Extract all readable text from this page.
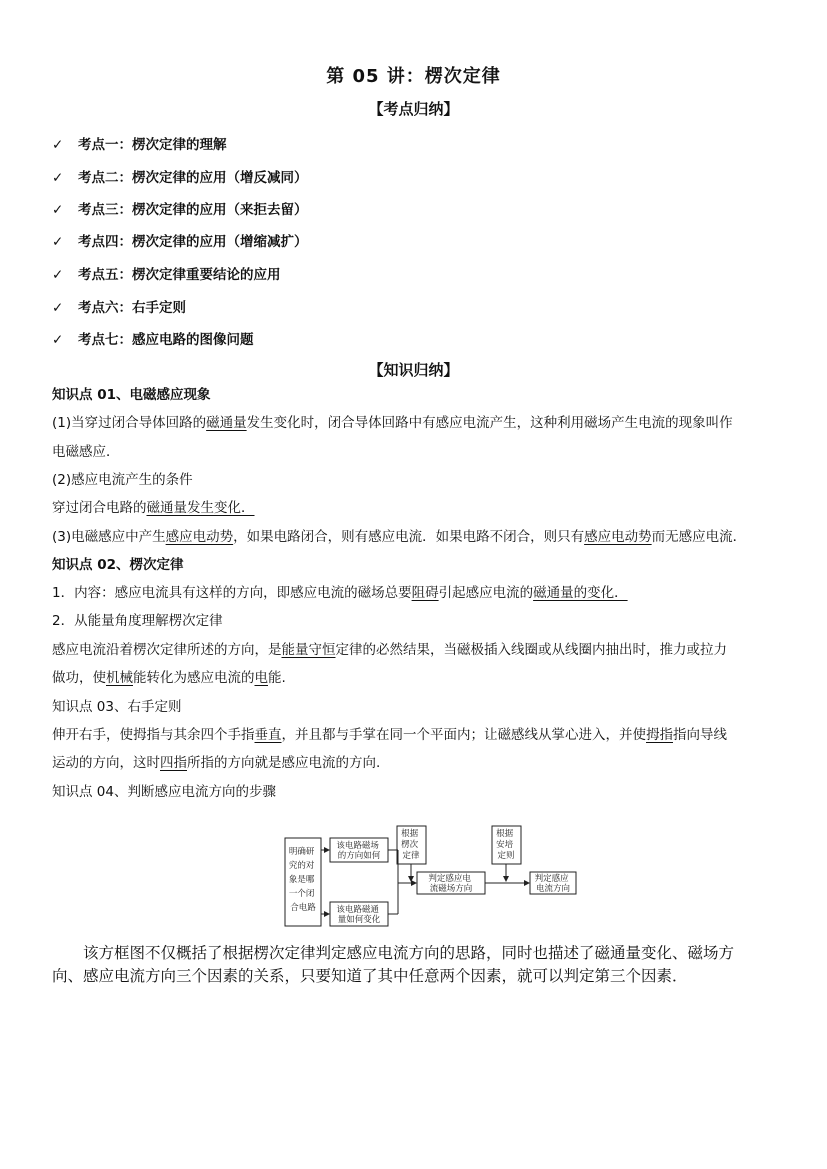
第 05 讲：楞次定律
【考点归纳】
✓ 考点一：楞次定律的理解
✓ 考点二：楞次定律的应用（增反减同）
✓ 考点三：楞次定律的应用（来拒去留）
✓ 考点四：楞次定律的应用（增缩减扩）
✓ 考点五：楞次定律重要结论的应用
✓ 考点六：右手定则
✓ 考点七：感应电路的图像问题
【知识归纳】
知识点 01、电磁感应现象
(1)当穿过闭合导体回路的磁通量发生变化时，闭合导体回路中有感应电流产生，这种利用磁场产生电流的现象叫作
电磁感应．
(2)感应电流产生的条件
穿过闭合电路的磁通量发生变化．
(3)电磁感应中产生感应电动势，如果电路闭合，则有感应电流．如果电路不闭合，则只有感应电动势而无感应电流．
知识点 02、楞次定律
1．内容：感应电流具有这样的方向，即感应电流的磁场总要阻碍引起感应电流的磁通量的变化．
2．从能量角度理解楞次定律
感应电流沿着楞次定律所述的方向，是能量守恒定律的必然结果，当磁极插入线圈或从线圈内抽出时，推力或拉力
做功，使机械能转化为感应电流的电能.
知识点 03、右手定则
伸开右手，使拇指与其余四个手指垂直，并且都与手掌在同一个平面内；让磁感线从掌心进入，并使拇指指向导线
运动的方向，这时四指所指的方向就是感应电流的方向.
知识点 04、判断感应电流方向的步骤
明确研 究的对 象是哪 一个闭 合电路
该电路磁场 的方向如何
该电路磁通 量如何变化
根据 楞次 定律
判定感应电 流磁场方向
根据 安培 定则
判定感应 电流方向
该方框图不仅概括了根据楞次定律判定感应电流方向的思路，同时也描述了磁通量变化、磁场方
向、感应电流方向三个因素的关系，只要知道了其中任意两个因素，就可以判定第三个因素．
